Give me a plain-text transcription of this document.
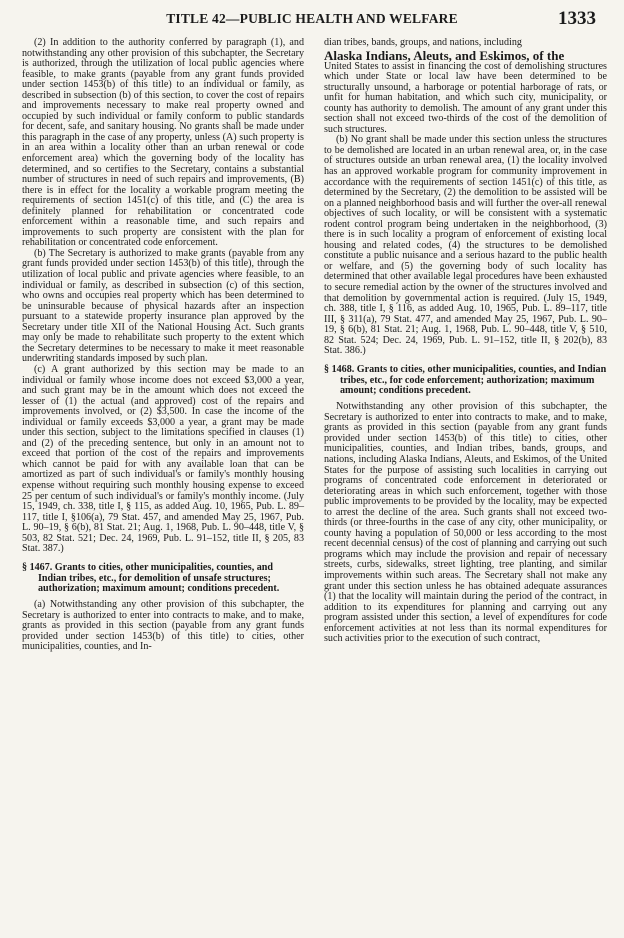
TITLE 42—PUBLIC HEALTH AND WELFARE	1333

(2) In addition to the authority conferred by paragraph (1), and notwithstanding any other provision of this subchapter, the Secretary is authorized, through the utilization of local public agencies where feasible, to make grants (payable from any grant funds provided under section 1453(b) of this title) to an individual or family, as described in subsection (b) of this section, to cover the cost of repairs and improvements necessary to make real property owned and occupied by such individual or family conform to public standards for decent, safe, and sanitary housing. No grants shall be made under this paragraph in the case of any property, unless (A) such property is in an area within a locality other than an urban renewal or code enforcement area) which the governing body of the locality has determined, and so certifies to the Secretary, contains a substantial number of structures in need of such repairs and improvements, (B) there is in effect for the locality a workable program meeting the requirements of section 1451(c) of this title, and (C) the area is definitely planned for rehabilitation or concentrated code enforcement within a reasonable time, and such repairs and improvements to such property are consistent with the plan for rehabilitation or concentrated code enforcement.

(b) The Secretary is authorized to make grants (payable from any grant funds provided under section 1453(b) of this title), through the utilization of local public and private agencies where feasible, to an individual or family, as described in subsection (c) of this section, who owns and occupies real property which has been determined to be uninsurable because of physical hazards after an inspection pursuant to a statewide property insurance plan approved by the Secretary under title XII of the National Housing Act. Such grants may only be made to rehabilitate such property to the extent which the Secretary determines to be necessary to make it meet reasonable underwriting standards imposed by such plan.

(c) A grant authorized by this section may be made to an individual or family whose income does not exceed $3,000 a year, and such grant may be in the amount which does not exceed the lesser of (1) the actual (and approved) cost of the repairs and improvements involved, or (2) $3,500. In case the income of the individual or family exceeds $3,000 a year, a grant may be made under this section, subject to the limitations specified in clauses (1) and (2) of the preceding sentence, but only in an amount not to exceed that portion of the cost of the repairs and improvements which cannot be paid for with any available loan that can be amortized as part of such individual's or family's monthly housing expense without requiring such monthly housing expense to exceed 25 per centum of such individual's or family's monthly income. (July 15, 1949, ch. 338, title I, § 115, as added Aug. 10, 1965, Pub. L. 89–117, title I, §106(a), 79 Stat. 457, and amended May 25, 1967, Pub. L. 90–19, § 6(b), 81 Stat. 21; Aug. 1, 1968, Pub. L. 90–448, title V, § 503, 82 Stat. 521; Dec. 24, 1969, Pub. L. 91–152, title II, § 205, 83 Stat. 387.)

§ 1467. Grants to cities, other municipalities, counties, and Indian tribes, etc., for demolition of unsafe structures; authorization; maximum amount; conditions precedent.

(a) Notwithstanding any other provision of this subchapter, the Secretary is authorized to enter into contracts to make, and to make, grants as provided in this section (payable from any grant funds provided under section 1453(b) of this title) to cities, other municipalities, counties, and In-

dian tribes, bands, groups, and nations, including

Alaska Indians, Aleuts, and Eskimos, of the

United States to assist in financing the cost of demolishing structures which under State or local law have been determined to be structurally unsound, a harborage or potential harborage of rats, or unfit for human habitation, and which such city, municipality, or county has authority to demolish. The amount of any grant under this section shall not exceed two-thirds of the cost of the demolition of such structures.

(b) No grant shall be made under this section unless the structures to be demolished are located in an urban renewal area, or, in the case of structures outside an urban renewal area, (1) the locality involved has an approved workable program for community improvement in accordance with the requirements of section 1451(c) of this title, as determined by the Secretary, (2) the demolition to be assisted will be on a planned neighborhood basis and will further the over-all renewal objectives of such locality, or will be consistent with a systematic rodent control program being undertaken in the neighborhood, (3) there is in such locality a program of enforcement of existing local housing and related codes, (4) the structures to be demolished constitute a public nuisance and a serious hazard to the public health or welfare, and (5) the governing body of such locality has determined that other available legal procedures have been exhausted to secure remedial action by the owner of the structures involved and that demolition by governmental action is required. (July 15, 1949, ch. 388, title I, § 116, as added Aug. 10, 1965, Pub. L. 89–117, title III, § 311(a), 79 Stat. 477, and amended May 25, 1967, Pub. L. 90–19, § 6(b), 81 Stat. 21; Aug. 1, 1968, Pub. L. 90–448, title V, § 510, 82 Stat. 524; Dec. 24, 1969, Pub. L. 91–152, title II, § 202(b), 83 Stat. 386.)

§ 1468. Grants to cities, other municipalities, counties, and Indian tribes, etc., for code enforcement; authorization; maximum amount; conditions precedent.

Notwithstanding any other provision of this subchapter, the Secretary is authorized to enter into contracts to make, and to make, grants as provided in this section (payable from any grant funds provided under section 1453(b) of this title) to cities, other municipalities, counties, and Indian tribes, bands, groups, and nations, including Alaska Indians, Aleuts, and Eskimos, of the United States for the purpose of assisting such localities in carrying out programs of concentrated code enforcement in deteriorated or deteriorating areas in which such enforcement, together with those public improvements to be provided by the locality, may be expected to arrest the decline of the area. Such grants shall not exceed two-thirds (or three-fourths in the case of any city, other municipality, or county having a population of 50,000 or less according to the most recent decennial census) of the cost of planning and carrying out such programs which may include the provision and repair of necessary streets, curbs, sidewalks, street lighting, tree planting, and similar improvements within such areas. The Secretary shall not make any grant under this section unless he has obtained adequate assurances (1) that the locality will maintain during the period of the contract, in addition to its expenditures for planning and carrying out any program assisted under this section, a level of expenditures for code enforcement activities at not less than its normal expenditures for such activities prior to the execution of such contract,
